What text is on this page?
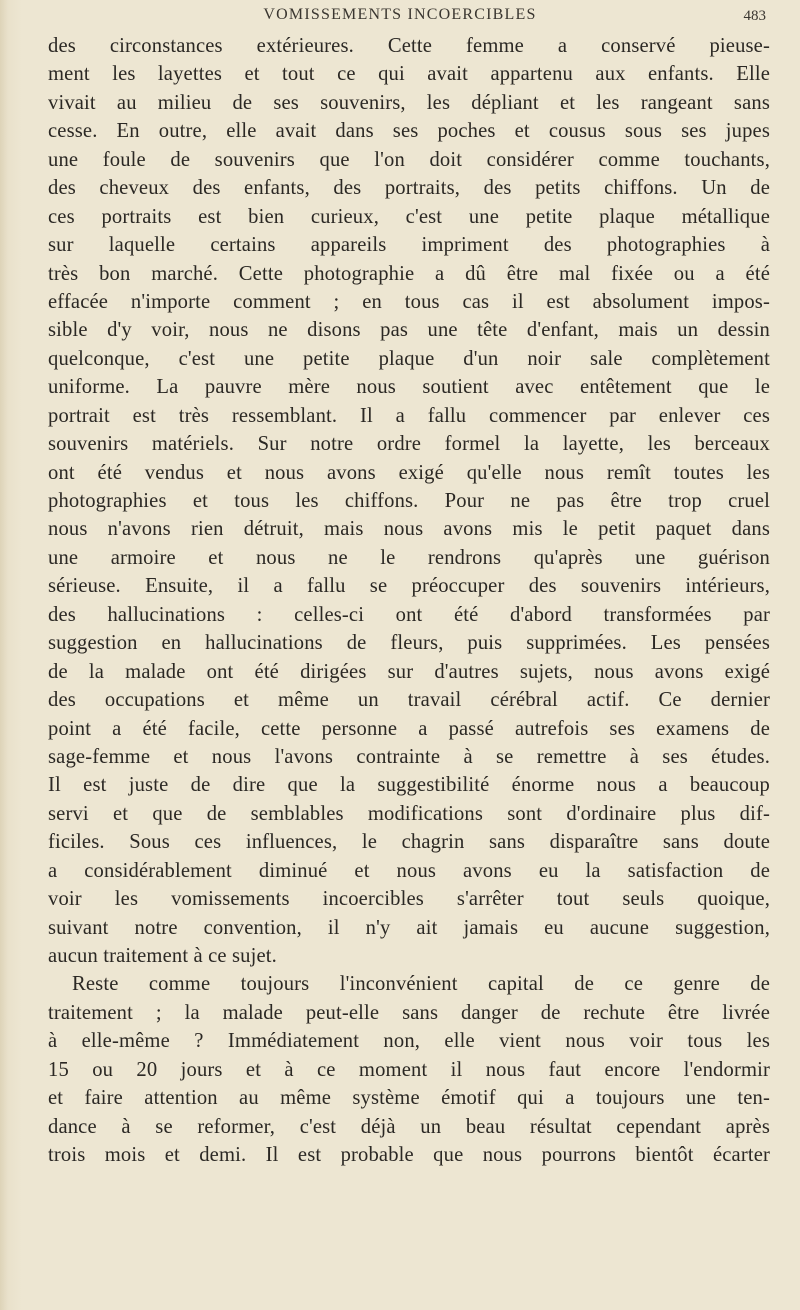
VOMISSEMENTS INCOERCIBLES	483
des circonstances extérieures. Cette femme a conservé pieuse-
ment les layettes et tout ce qui avait appartenu aux enfants. Elle
vivait au milieu de ses souvenirs, les dépliant et les rangeant sans
cesse. En outre, elle avait dans ses poches et cousus sous ses jupes
une foule de souvenirs que l'on doit considérer comme touchants,
des cheveux des enfants, des portraits, des petits chiffons. Un de
ces portraits est bien curieux, c'est une petite plaque métallique
sur laquelle certains appareils impriment des photographies à
très bon marché. Cette photographie a dû être mal fixée ou a été
effacée n'importe comment ; en tous cas il est absolument impos-
sible d'y voir, nous ne disons pas une tête d'enfant, mais un dessin
quelconque, c'est une petite plaque d'un noir sale complètement
uniforme. La pauvre mère nous soutient avec entêtement que le
portrait est très ressemblant. Il a fallu commencer par enlever ces
souvenirs matériels. Sur notre ordre formel la layette, les berceaux
ont été vendus et nous avons exigé qu'elle nous remît toutes les
photographies et tous les chiffons. Pour ne pas être trop cruel
nous n'avons rien détruit, mais nous avons mis le petit paquet dans
une armoire et nous ne le rendrons qu'après une guérison
sérieuse. Ensuite, il a fallu se préoccuper des souvenirs intérieurs,
des hallucinations : celles-ci ont été d'abord transformées par
suggestion en hallucinations de fleurs, puis supprimées. Les pensées
de la malade ont été dirigées sur d'autres sujets, nous avons exigé
des occupations et même un travail cérébral actif. Ce dernier
point a été facile, cette personne a passé autrefois ses examens de
sage-femme et nous l'avons contrainte à se remettre à ses études.
Il est juste de dire que la suggestibilité énorme nous a beaucoup
servi et que de semblables modifications sont d'ordinaire plus dif-
ficiles. Sous ces influences, le chagrin sans disparaître sans doute
a considérablement diminué et nous avons eu la satisfaction de
voir les vomissements incoercibles s'arrêter tout seuls quoique,
suivant notre convention, il n'y ait jamais eu aucune suggestion,
aucun traitement à ce sujet.
Reste comme toujours l'inconvénient capital de ce genre de
traitement ; la malade peut-elle sans danger de rechute être livrée
à elle-même ? Immédiatement non, elle vient nous voir tous les
15 ou 20 jours et à ce moment il nous faut encore l'endormir
et faire attention au même système émotif qui a toujours une ten-
dance à se reformer, c'est déjà un beau résultat cependant après
trois mois et demi. Il est probable que nous pourrons bientôt écarter
